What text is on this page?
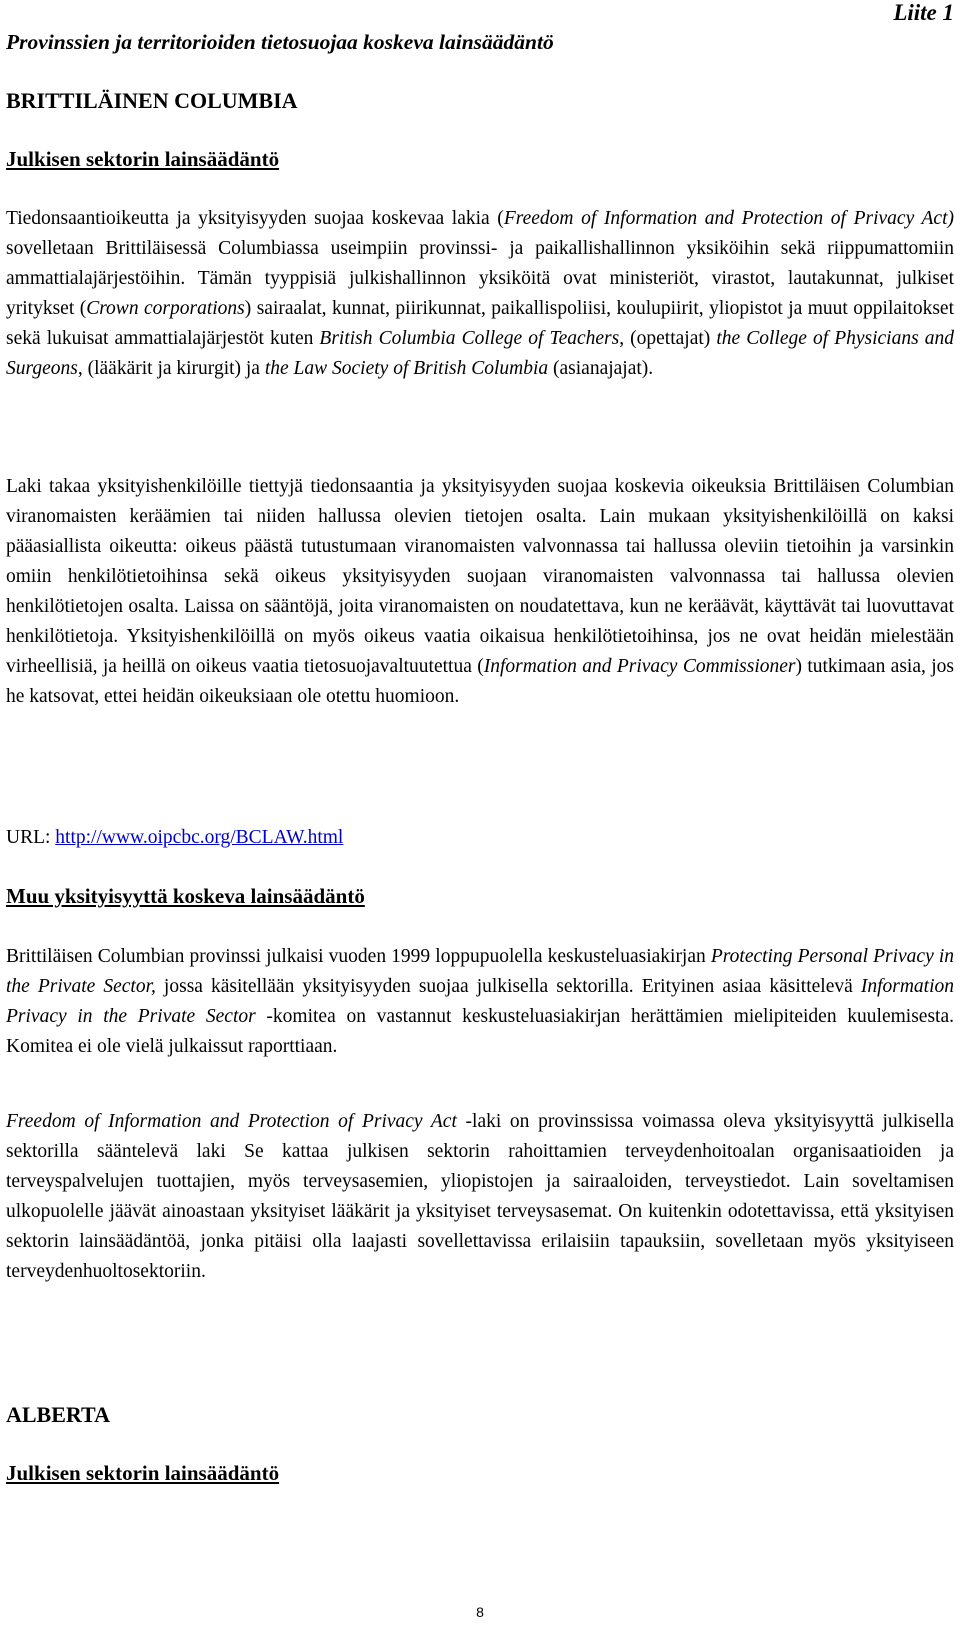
Liite 1
Provinssien ja territorioiden tietosuojaa koskeva lainsäädäntö
BRITTILÄINEN COLUMBIA
Julkisen sektorin lainsäädäntö

Tiedonsaantioikeutta ja yksityisyyden suojaa koskevaa lakia (Freedom of Information and Protection of Privacy Act) sovelletaan Brittiläisessä Columbiassa useimpiin provinssi- ja paikallishallinnon yksiköihin sekä riippumattomiin ammattialajärjestöihin. Tämän tyyppisiä julkishallinnon yksiköitä ovat ministeriöt, virastot, lautakunnat, julkiset yritykset (Crown corporations) sairaalat, kunnat, piirikunnat, paikallispoliisi, koulupiirit, yliopistot ja muut oppilaitokset sekä lukuisat ammattialajärjestöt kuten British Columbia College of Teachers, (opettajat) the College of Physicians and Surgeons, (lääkärit ja kirurgit) ja the Law Society of British Columbia (asianajajat).

Laki takaa yksityishenkilöille tiettyjä tiedonsaantia ja yksityisyyden suojaa koskevia oikeuksia Brittiläisen Columbian viranomaisten keräämien tai niiden hallussa olevien tietojen osalta. Lain mukaan yksityishenkilöillä on kaksi pääasiallista oikeutta: oikeus päästä tutustumaan viranomaisten valvonnassa tai hallussa oleviin tietoihin ja varsinkin omiin henkilötietoihinsa sekä oikeus yksityisyyden suojaan viranomaisten valvonnassa tai hallussa olevien henkilötietojen osalta. Laissa on sääntöjä, joita viranomaisten on noudatettava, kun ne keräävät, käyttävät tai luovuttavat henkilötietoja. Yksityishenkilöillä on myös oikeus vaatia oikaisua henkilötietoihinsa, jos ne ovat heidän mielestään virheellisiä, ja heillä on oikeus vaatia tietosuojavaltuutettua (Information and Privacy Commissioner) tutkimaan asia, jos he katsovat, ettei heidän oikeuksiaan ole otettu huomioon.

URL: http://www.oipcbc.org/BCLAW.html

Muu yksityisyyttä koskeva lainsäädäntö

Brittiläisen Columbian provinssi julkaisi vuoden 1999 loppupuolella keskusteluasiakirjan Protecting Personal Privacy in the Private Sector, jossa käsitellään yksityisyyden suojaa julkisella sektorilla. Erityinen asiaa käsittelevä Information Privacy in the Private Sector -komitea on vastannut keskusteluasiakirjan herättämien mielipiteiden kuulemisesta. Komitea ei ole vielä julkaissut raporttiaan.

Freedom of Information and Protection of Privacy Act -laki on provinssissa voimassa oleva yksityisyyttä julkisella sektorilla sääntelevä laki Se kattaa julkisen sektorin rahoittamien terveydenhoitoalan organisaatioiden ja terveyspalvelujen tuottajien, myös terveysasemien, yliopistojen ja sairaaloiden, terveystiedot. Lain soveltamisen ulkopuolelle jäävät ainoastaan yksityiset lääkärit ja yksityiset terveysasemat. On kuitenkin odotettavissa, että yksityisen sektorin lainsäädäntöä, jonka pitäisi olla laajasti sovellettavissa erilaisiin tapauksiin, sovelletaan myös yksityiseen terveydenhuoltosektoriin.

ALBERTA
Julkisen sektorin lainsäädäntö
8
